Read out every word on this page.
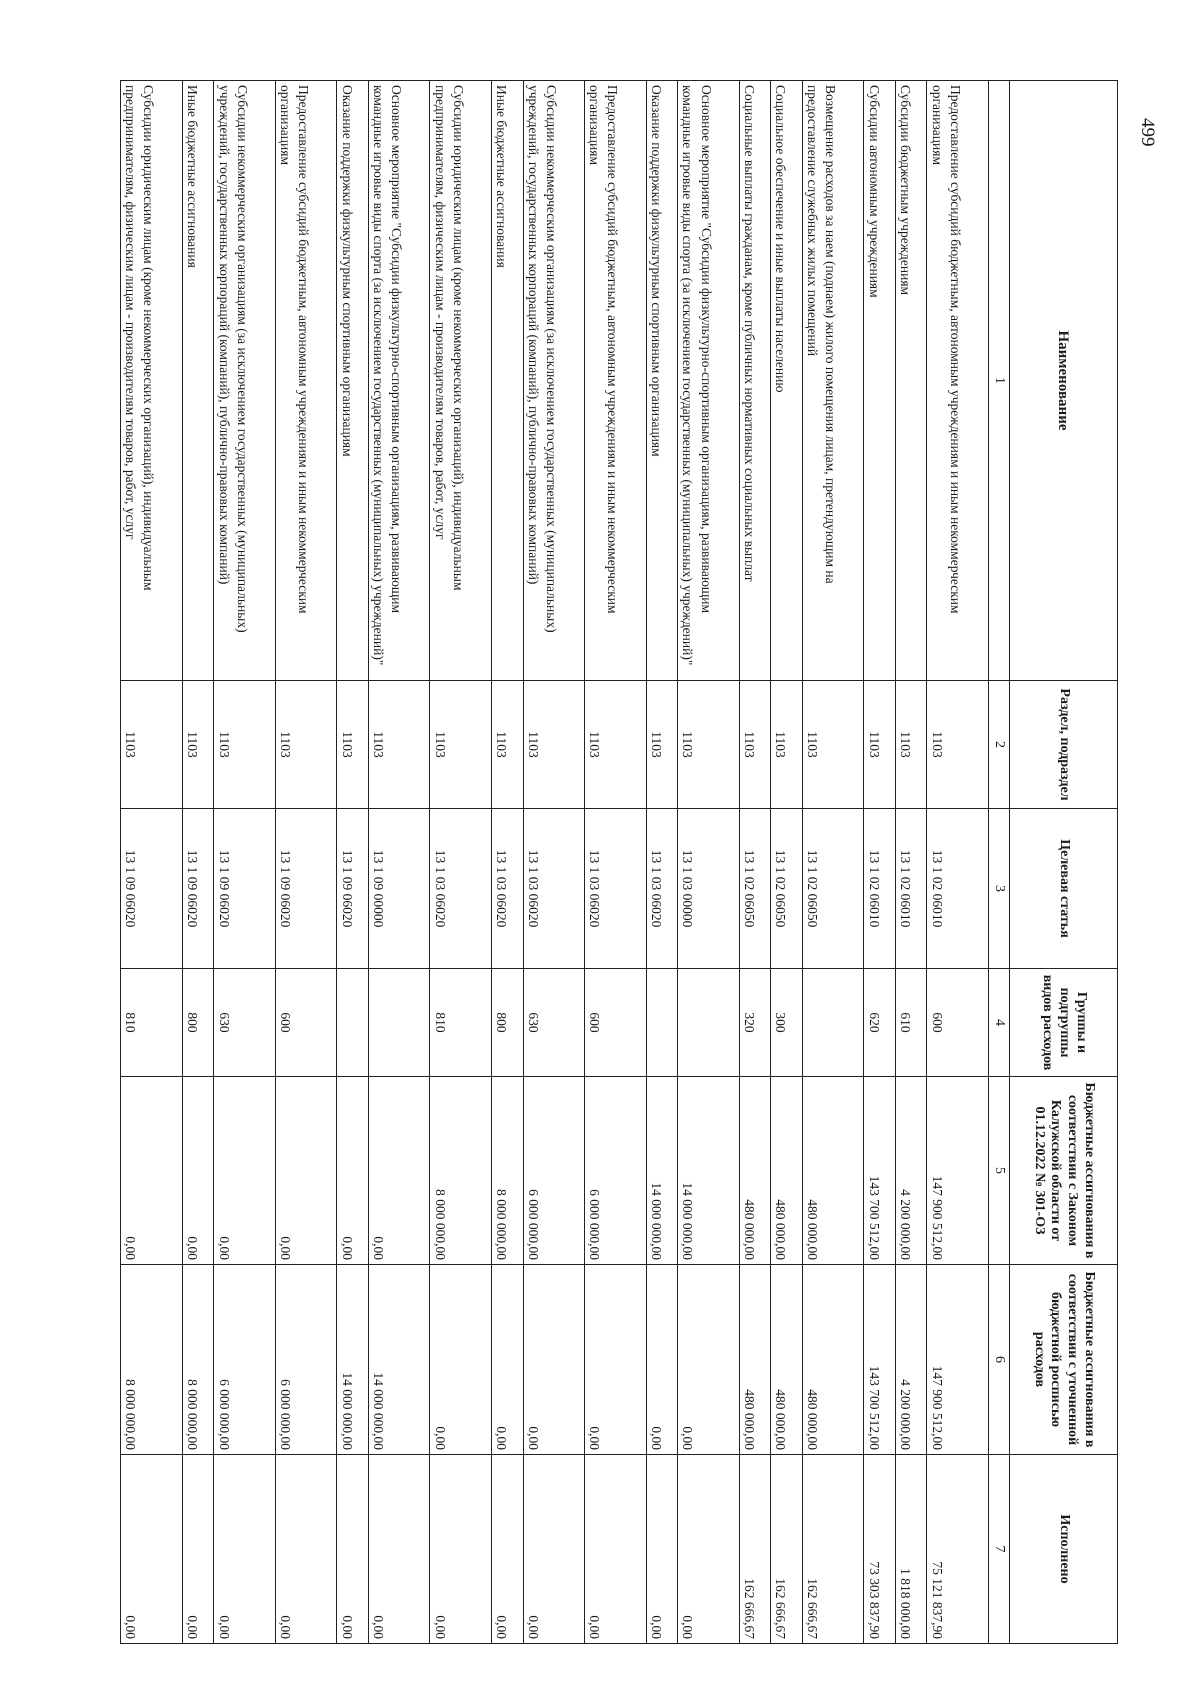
499
Наименование	Раздел, подраздел	Целевая статья	Группы и подгруппы видов расходов	Бюджетные ассигнования в соответствии с Законом Калужской области от 01.12.2022 № 301-ОЗ	Бюджетные ассигнования в соответствии с уточненной бюджетной росписью расходов	Исполнено
1	2	3	4	5	6	7
Предоставление субсидий бюджетным, автономным учреждениям и иным некоммерческим организациям	1103	13 1 02 06010	600	147 900 512,00	147 900 512,00	75 121 837,90
Субсидии бюджетным учреждениям	1103	13 1 02 06010	610	4 200 000,00	4 200 000,00	1 818 000,00
Субсидии автономным учреждениям	1103	13 1 02 06010	620	143 700 512,00	143 700 512,00	73 303 837,90
Возмещение расходов за наем (поднаем) жилого помещения лицам, претендующим на предоставление служебных жилых помещений	1103	13 1 02 06050		480 000,00	480 000,00	162 666,67
Социальное обеспечение и иные выплаты населению	1103	13 1 02 06050	300	480 000,00	480 000,00	162 666,67
Социальные выплаты гражданам, кроме публичных нормативных социальных выплат	1103	13 1 02 06050	320	480 000,00	480 000,00	162 666,67
Основное мероприятие "Субсидии физкультурно-спортивным организациям, развивающим командные игровые виды спорта (за исключением государственных (муниципальных) учреждений)"	1103	13 1 03 00000		14 000 000,00	0,00	0,00
Оказание поддержки физкультурным спортивным организациям	1103	13 1 03 06020		14 000 000,00	0,00	0,00
Предоставление субсидий бюджетным, автономным учреждениям и иным некоммерческим организациям	1103	13 1 03 06020	600	6 000 000,00	0,00	0,00
Субсидии некоммерческим организациям (за исключением государственных (муниципальных) учреждений, государственных корпораций (компаний), публично-правовых компаний)	1103	13 1 03 06020	630	6 000 000,00	0,00	0,00
Иные бюджетные ассигнования	1103	13 1 03 06020	800	8 000 000,00	0,00	0,00
Субсидии юридическим лицам (кроме некоммерческих организаций), индивидуальным предпринимателям, физическим лицам - производителям товаров, работ, услуг	1103	13 1 03 06020	810	8 000 000,00	0,00	0,00
Основное мероприятие "Субсидии физкультурно-спортивным организациям, развивающим командные игровые виды спорта (за исключением государственных (муниципальных) учреждений)"	1103	13 1 09 00000		0,00	14 000 000,00	0,00
Оказание поддержки физкультурным спортивным организациям	1103	13 1 09 06020		0,00	14 000 000,00	0,00
Предоставление субсидий бюджетным, автономным учреждениям и иным некоммерческим организациям	1103	13 1 09 06020	600	0,00	6 000 000,00	0,00
Субсидии некоммерческим организациям (за исключением государственных (муниципальных) учреждений, государственных корпораций (компаний), публично-правовых компаний)	1103	13 1 09 06020	630	0,00	6 000 000,00	0,00
Иные бюджетные ассигнования	1103	13 1 09 06020	800	0,00	8 000 000,00	0,00
Субсидии юридическим лицам (кроме некоммерческих организаций), индивидуальным предпринимателям, физическим лицам - производителям товаров, работ, услуг	1103	13 1 09 06020	810	0,00	8 000 000,00	0,00
